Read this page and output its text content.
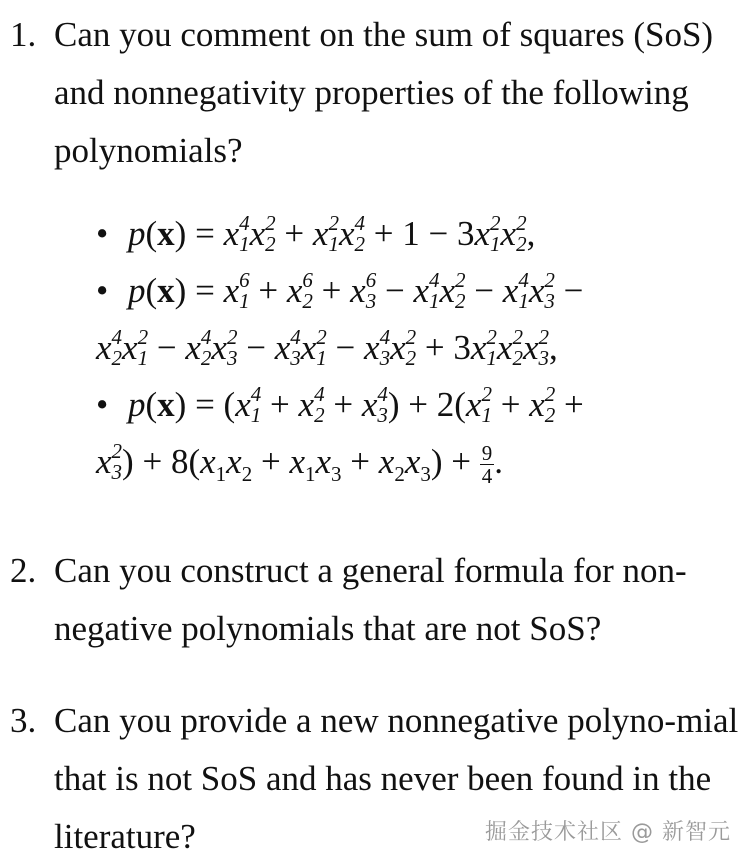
1. Can you comment on the sum of squares (SoS) and nonnegativity properties of the following polynomials?
• p(x) = x 4
1 x 2
2 + x 2
1 x 4
2 + 1 − 3x 2
1 x 2
2 ,
• p(x) = x 6
1 + x 6
2 + x 6
3 − x 4
1 x 2
2 − x 4
1 x 2
3 −
x 4
2 x 2
1 − x 4
2 x 2
3 − x 4
3 x 2
1 − x 4
3 x 2
2 + 3x 2
1 x 2
2 x 2
3 ,
• p(x) = (x 4
1 + x 4
2 + x 4
3 ) + 2(x 2
1 + x 2
2 +
x 2
3 ) + $8(x_1x_2 + x_1x_3 + x_2x_3) + \frac{9}{4}$ .
2. Can you construct a general formula for non-negative polynomials that are not SoS?
3. Can you provide a new nonnegative polyno-mial that is not SoS and has never been found in the literature?	掘金技术社区 @ 新智元
